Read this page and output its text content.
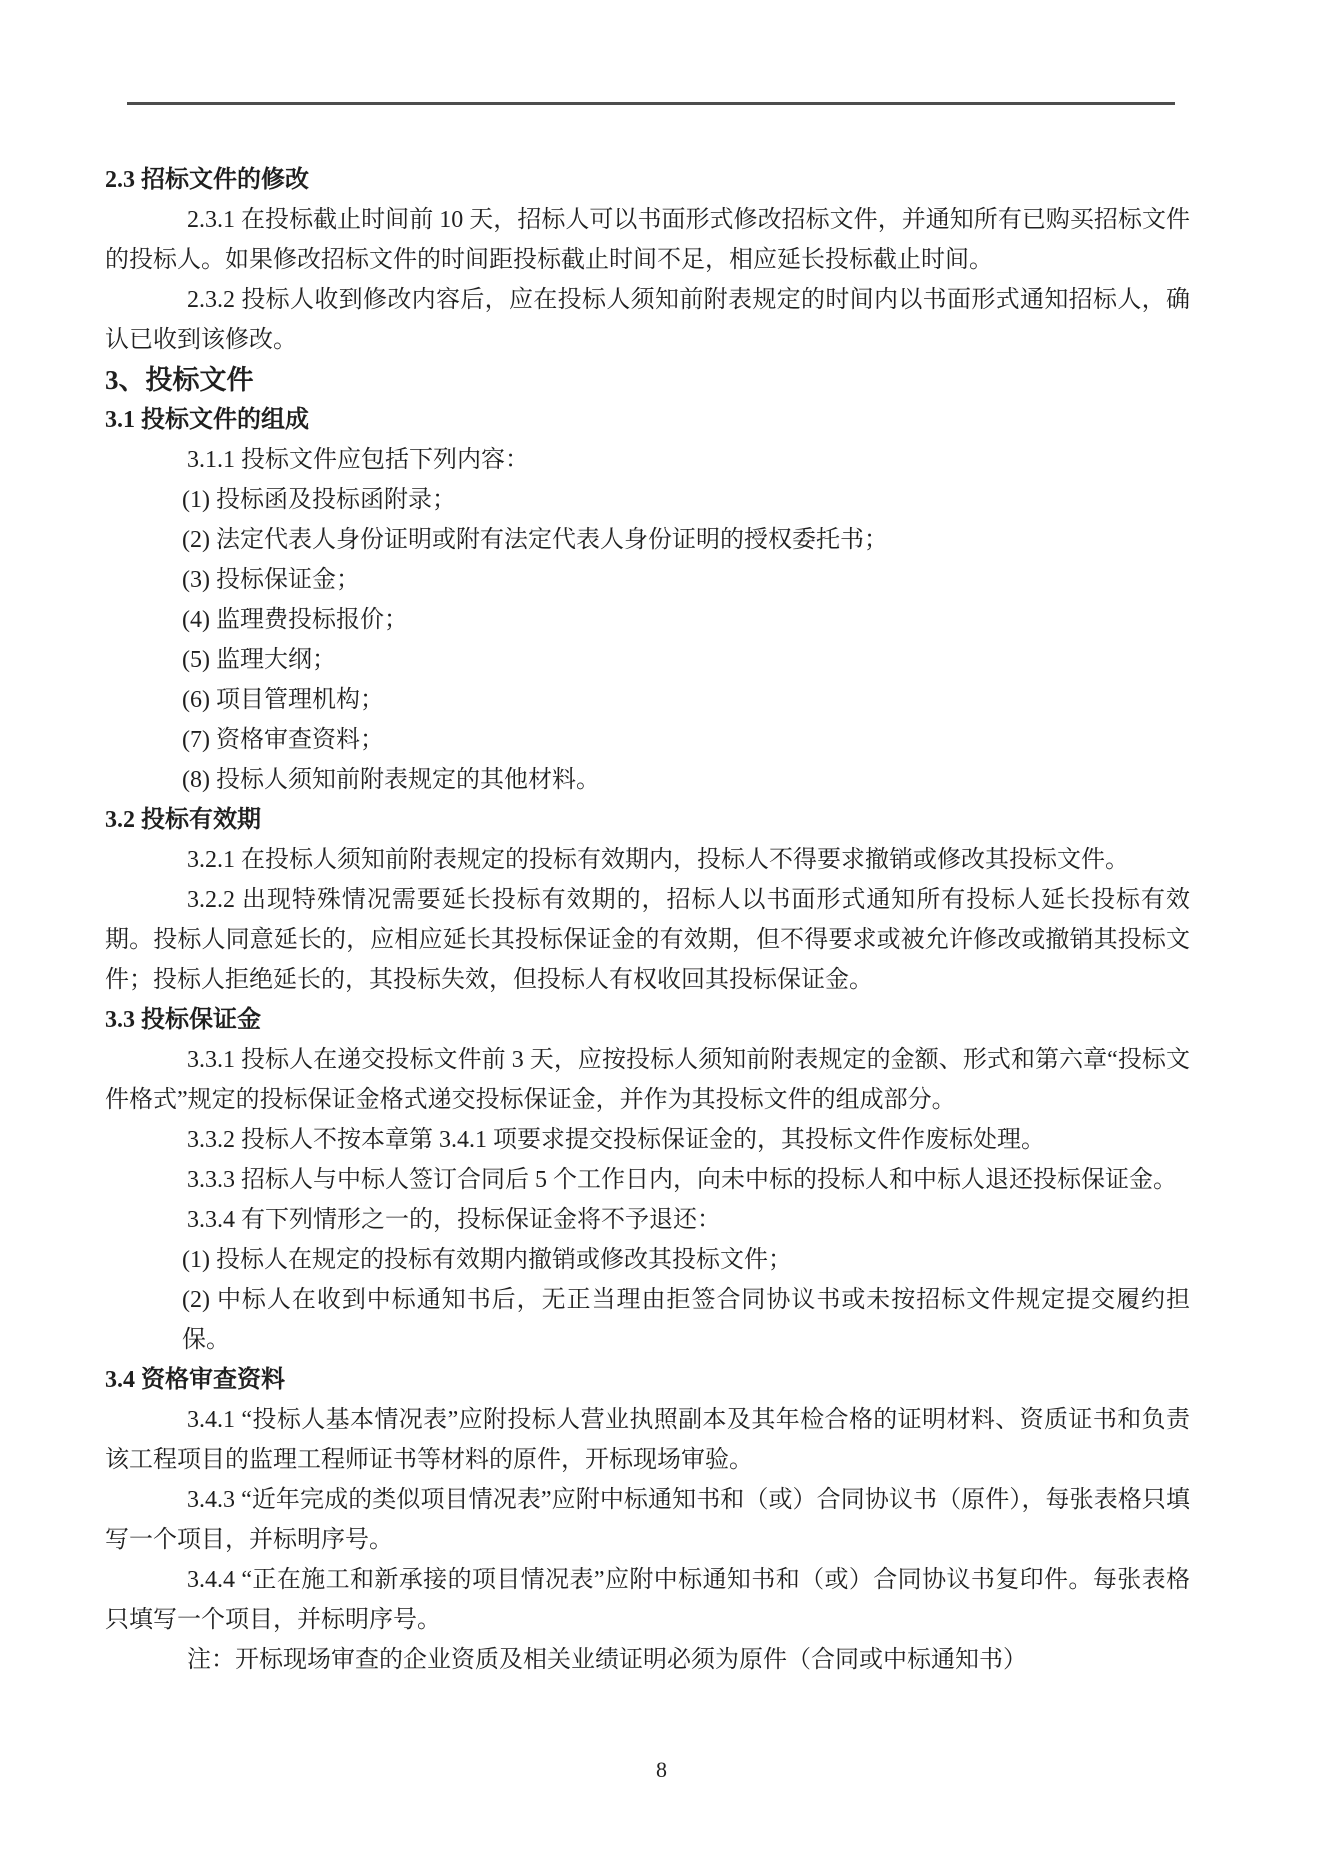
2.3 招标文件的修改
2.3.1 在投标截止时间前 10 天，招标人可以书面形式修改招标文件，并通知所有已购买招标文件的投标人。如果修改招标文件的时间距投标截止时间不足，相应延长投标截止时间。
2.3.2 投标人收到修改内容后，应在投标人须知前附表规定的时间内以书面形式通知招标人，确认已收到该修改。
3、投标文件
3.1 投标文件的组成
3.1.1 投标文件应包括下列内容：
(1) 投标函及投标函附录；
(2) 法定代表人身份证明或附有法定代表人身份证明的授权委托书；
(3) 投标保证金；
(4) 监理费投标报价；
(5) 监理大纲；
(6) 项目管理机构；
(7) 资格审查资料；
(8) 投标人须知前附表规定的其他材料。
3.2 投标有效期
3.2.1 在投标人须知前附表规定的投标有效期内，投标人不得要求撤销或修改其投标文件。
3.2.2 出现特殊情况需要延长投标有效期的，招标人以书面形式通知所有投标人延长投标有效期。投标人同意延长的，应相应延长其投标保证金的有效期，但不得要求或被允许修改或撤销其投标文件；投标人拒绝延长的，其投标失效，但投标人有权收回其投标保证金。
3.3 投标保证金
3.3.1 投标人在递交投标文件前 3 天，应按投标人须知前附表规定的金额、形式和第六章“投标文件格式”规定的投标保证金格式递交投标保证金，并作为其投标文件的组成部分。
3.3.2 投标人不按本章第 3.4.1 项要求提交投标保证金的，其投标文件作废标处理。
3.3.3 招标人与中标人签订合同后 5 个工作日内，向未中标的投标人和中标人退还投标保证金。
3.3.4 有下列情形之一的，投标保证金将不予退还：
(1) 投标人在规定的投标有效期内撤销或修改其投标文件；
(2) 中标人在收到中标通知书后，无正当理由拒签合同协议书或未按招标文件规定提交履约担保。
3.4 资格审查资料
3.4.1 “投标人基本情况表”应附投标人营业执照副本及其年检合格的证明材料、资质证书和负责该工程项目的监理工程师证书等材料的原件，开标现场审验。
3.4.3 “近年完成的类似项目情况表”应附中标通知书和（或）合同协议书（原件），每张表格只填写一个项目，并标明序号。
3.4.4 “正在施工和新承接的项目情况表”应附中标通知书和（或）合同协议书复印件。每张表格只填写一个项目，并标明序号。
注：开标现场审查的企业资质及相关业绩证明必须为原件（合同或中标通知书）
8
